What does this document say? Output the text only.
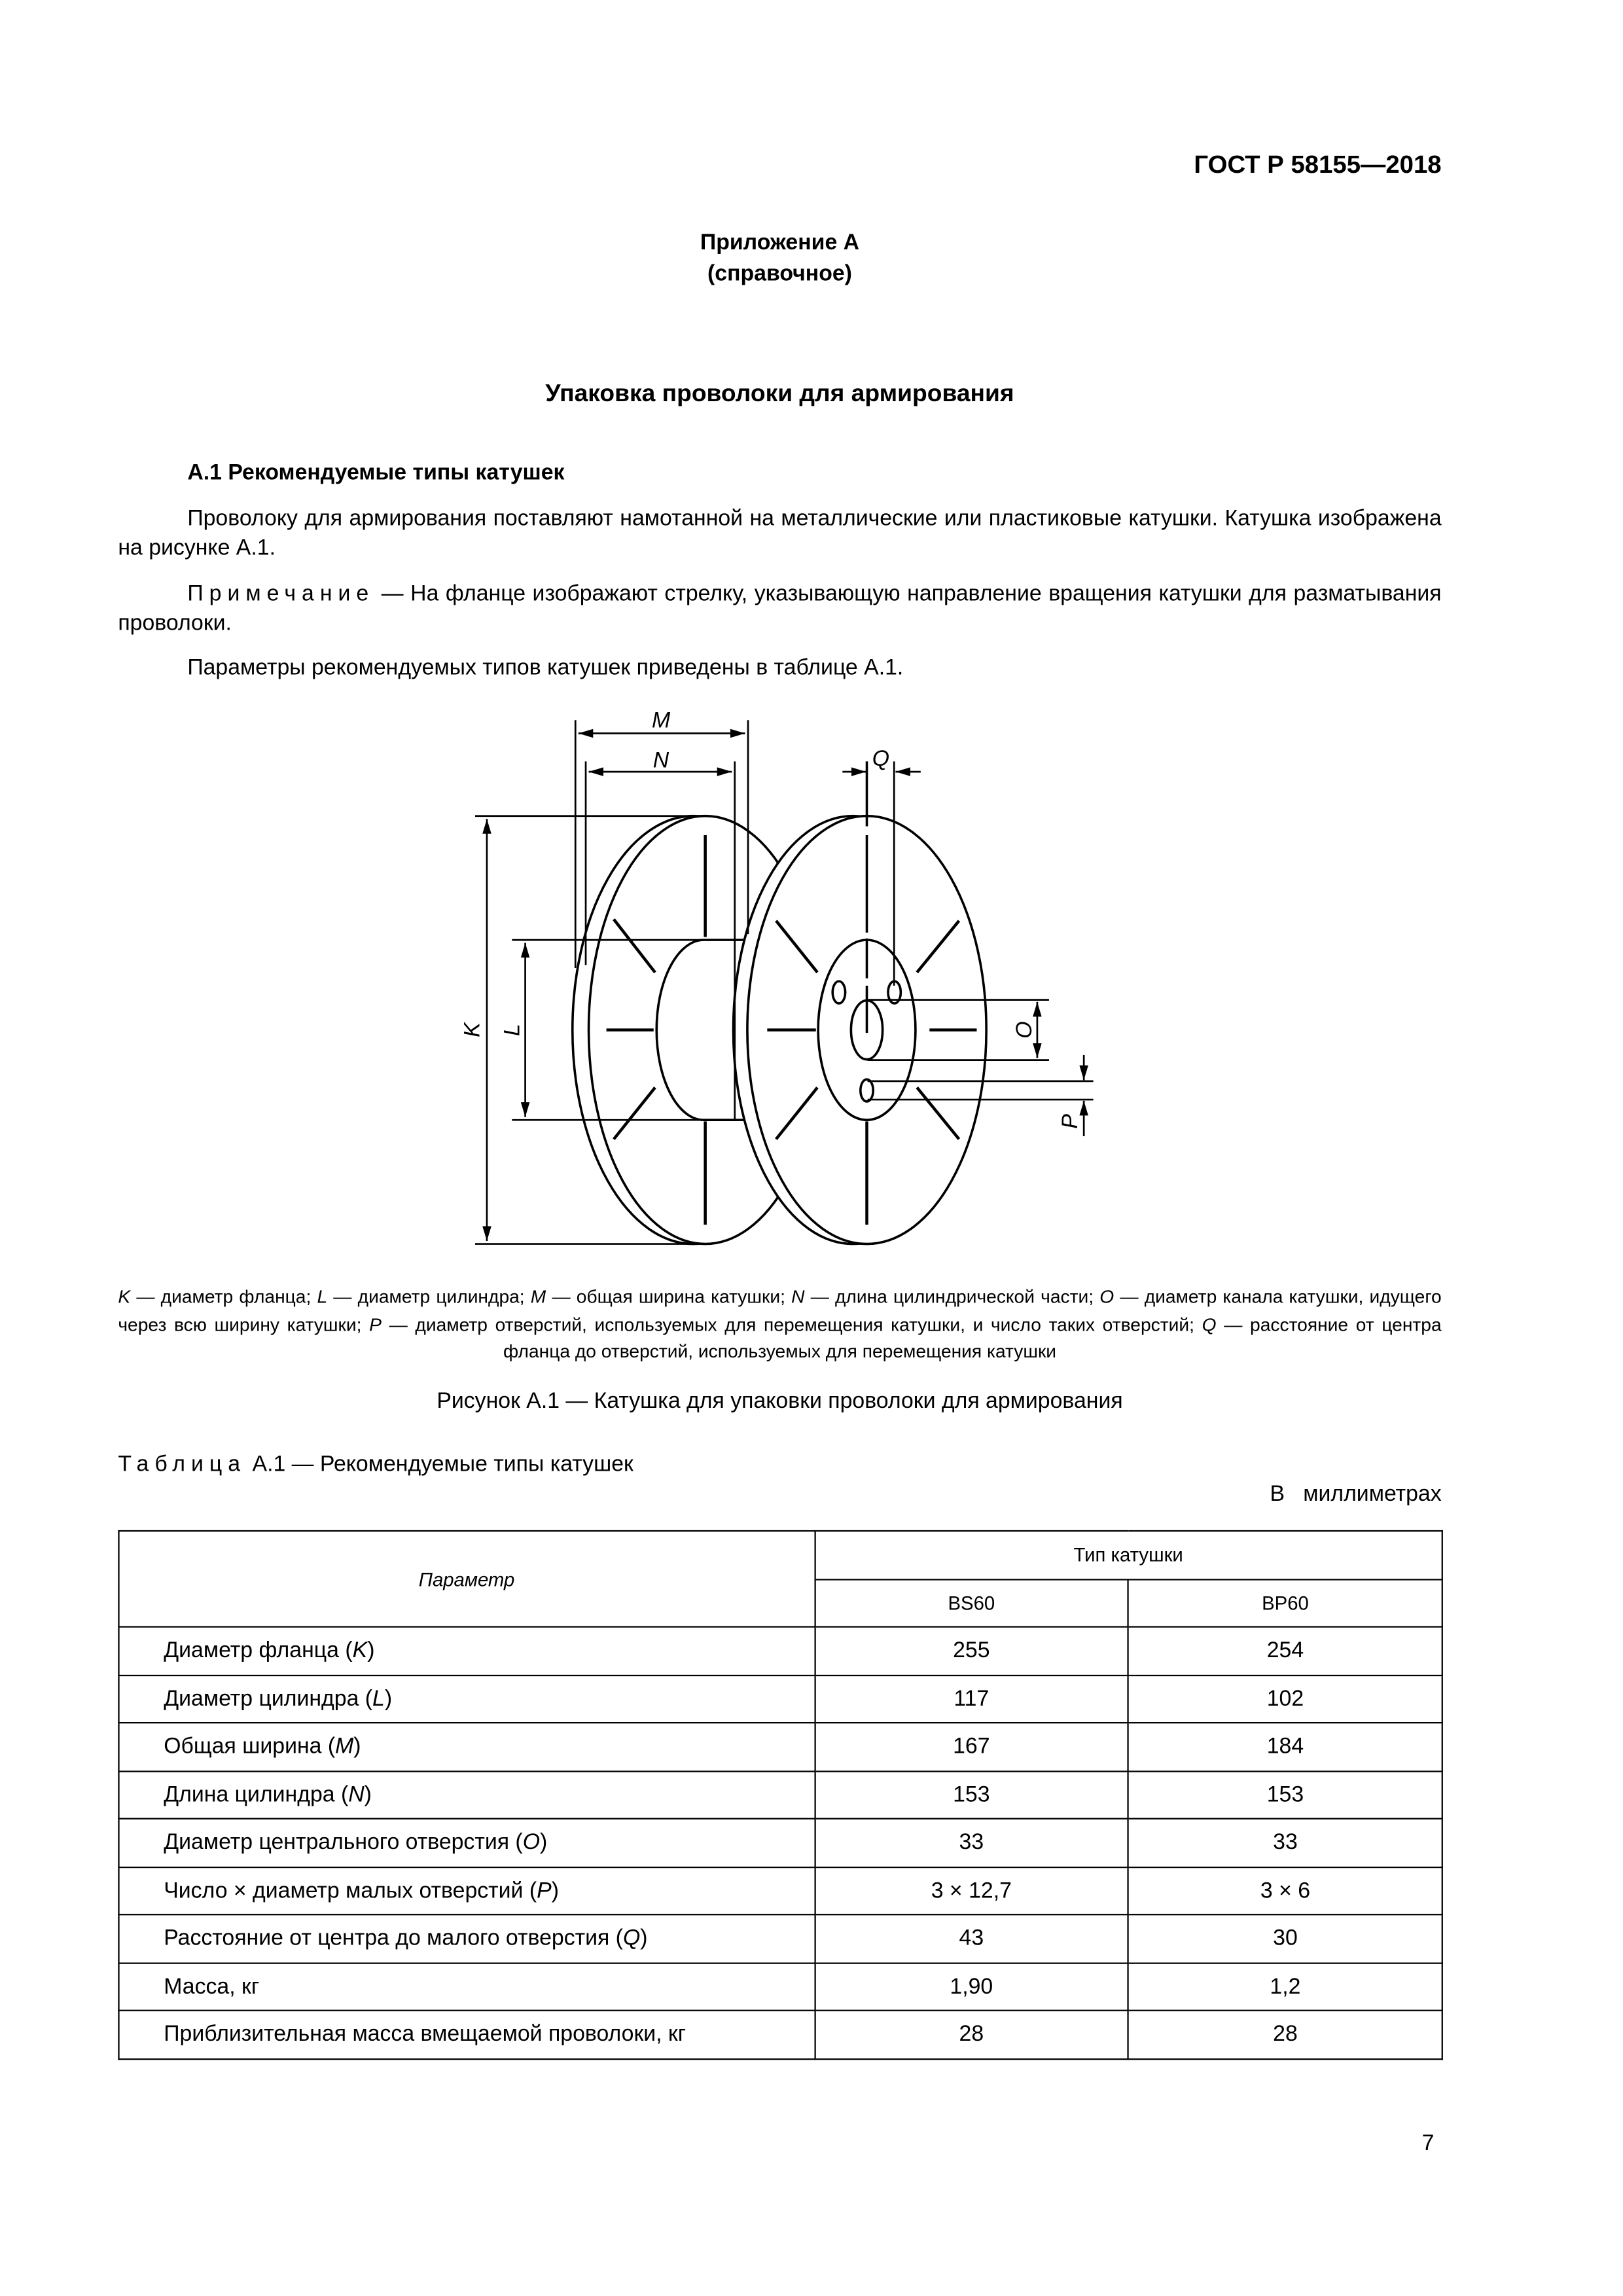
ГОСТ Р 58155—2018
Приложение А
(справочное)
Упаковка проволоки для армирования
А.1 Рекомендуемые типы катушек
Проволоку для армирования поставляют намотанной на металлические или пластиковые катушки. Катушка изображена на рисунке А.1.
Примечание — На фланце изображают стрелку, указывающую направление вращения катушки для разматывания проволоки.
Параметры рекомендуемых типов катушек приведены в таблице А.1.
M
N	Q
K L	O
P
K — диаметр фланца; L — диаметр цилиндра; M — общая ширина катушки; N — длина цилиндрической части; O — диаметр канала катушки, идущего через всю ширину катушки; P — диаметр отверстий, используемых для перемещения катушки, и число таких отверстий; Q — расстояние от центра фланца до отверстий, используемых для перемещения катушки
Рисунок А.1 — Катушка для упаковки проволоки для армирования
Таблица А.1 — Рекомендуемые типы катушек
В   миллиметрах
Параметр	Тип катушки	
	BS60	BP60
Диаметр фланца (K)	255	254
Диаметр цилиндра (L)	117	102
Общая ширина (M)	167	184
Длина цилиндра (N)	153	153
Диаметр центрального отверстия (O)	33	33
Число × диаметр малых отверстий (P)	3 × 12,7	3 × 6
Расстояние от центра до малого отверстия (Q)	43	30
Масса, кг	1,90	1,2
Приблизительная масса вмещаемой проволоки, кг	28	28
7
